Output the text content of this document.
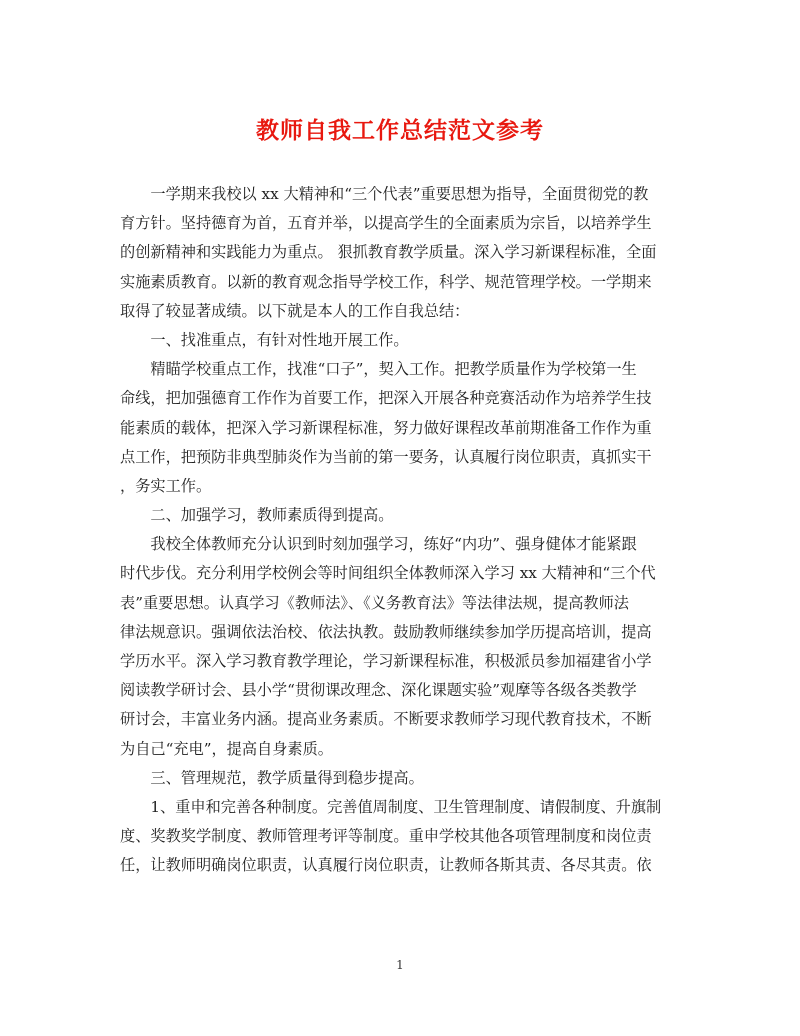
教师自我工作总结范文参考
　　一学期来我校以 xx 大精神和“三个代表”重要思想为指导，全面贯彻党的教
育方针。坚持德育为首，五育并举，以提高学生的全面素质为宗旨，以培养学生
的创新精神和实践能力为重点。 狠抓教育教学质量。深入学习新课程标准，全面
实施素质教育。以新的教育观念指导学校工作，科学、规范管理学校。一学期来
取得了较显著成绩。以下就是本人的工作自我总结：
　　一、找准重点，有针对性地开展工作。
　　精瞄学校重点工作，找准“口子”，契入工作。把教学质量作为学校第一生
命线，把加强德育工作作为首要工作，把深入开展各种竞赛活动作为培养学生技
能素质的载体，把深入学习新课程标准，努力做好课程改革前期准备工作作为重
点工作，把预防非典型肺炎作为当前的第一要务，认真履行岗位职责，真抓实干
，务实工作。
　　二、加强学习，教师素质得到提高。
　　我校全体教师充分认识到时刻加强学习，练好“内功”、强身健体才能紧跟
时代步伐。充分利用学校例会等时间组织全体教师深入学习 xx 大精神和“三个代
表”重要思想。认真学习《教师法》、《义务教育法》等法律法规，提高教师法
律法规意识。强调依法治校、依法执教。鼓励教师继续参加学历提高培训，提高
学历水平。深入学习教育教学理论，学习新课程标准，积极派员参加福建省小学
阅读教学研讨会、县小学“贯彻课改理念、深化课题实验”观摩等各级各类教学
研讨会，丰富业务内涵。提高业务素质。不断要求教师学习现代教育技术，不断
为自己“充电”，提高自身素质。
　　三、管理规范，教学质量得到稳步提高。
　　1、重申和完善各种制度。完善值周制度、卫生管理制度、请假制度、升旗制
度、奖教奖学制度、教师管理考评等制度。重申学校其他各项管理制度和岗位责
任，让教师明确岗位职责，认真履行岗位职责，让教师各斯其责、各尽其责。依
1
